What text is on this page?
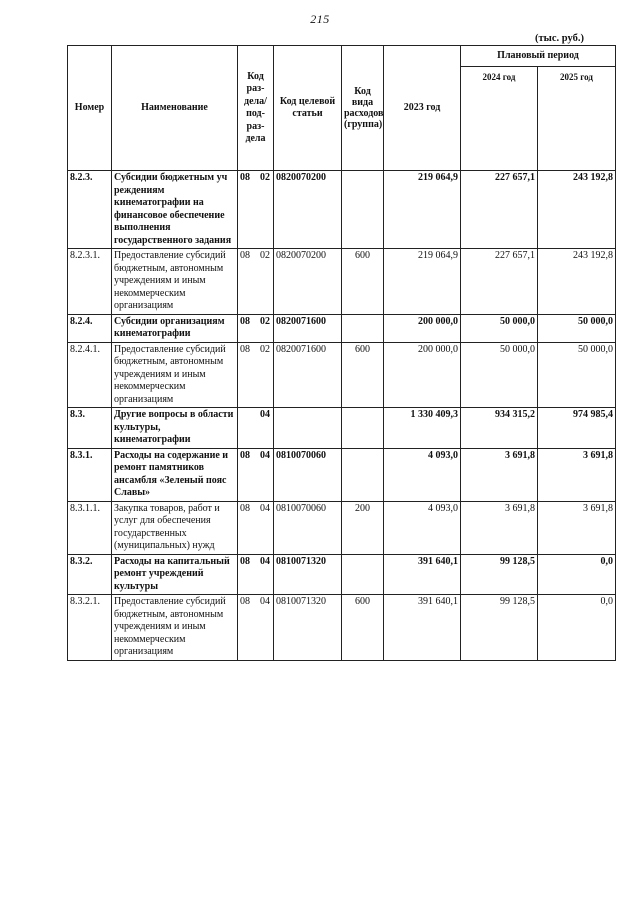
215
(тыс. руб.)
Номер	Наименование	Код раз- дела/ под- раз- дела	Код целевой статьи	Код вида расходов (группа)	2023 год	Плановый период	
						2024 год	2025 год
8.2.3.	Субсидии бюджетным уч реждениям кинематографии на финансовое обеспечение выполнения государственного задания	08 02	0820070200		219 064,9	227 657,1	243 192,8
8.2.3.1.	Предоставление субсидий бюджетным, автономным учреждениям и иным некоммерческим организациям	08 02	0820070200	600	219 064,9	227 657,1	243 192,8
8.2.4.	Субсидии организациям кинематографии	08 02	0820071600		200 000,0	50 000,0	50 000,0
8.2.4.1.	Предоставление субсидий бюджетным, автономным учреждениям и иным некоммерческим организациям	08 02	0820071600	600	200 000,0	50 000,0	50 000,0
8.3.	Другие вопросы в области культуры, кинематографии	04			1 330 409,3	934 315,2	974 985,4
8.3.1.	Расходы на содержание и ремонт памятников ансамбля «Зеленый пояс Славы»	08 04	0810070060		4 093,0	3 691,8	3 691,8
8.3.1.1.	Закупка товаров, работ и услуг для обеспечения государственных (муниципальных) нужд	08 04	0810070060	200	4 093,0	3 691,8	3 691,8
8.3.2.	Расходы на капитальный ремонт учреждений культуры	08 04	0810071320		391 640,1	99 128,5	0,0
8.3.2.1.	Предоставление субсидий бюджетным, автономным учреждениям и иным некоммерческим организациям	08 04	0810071320	600	391 640,1	99 128,5	0,0
